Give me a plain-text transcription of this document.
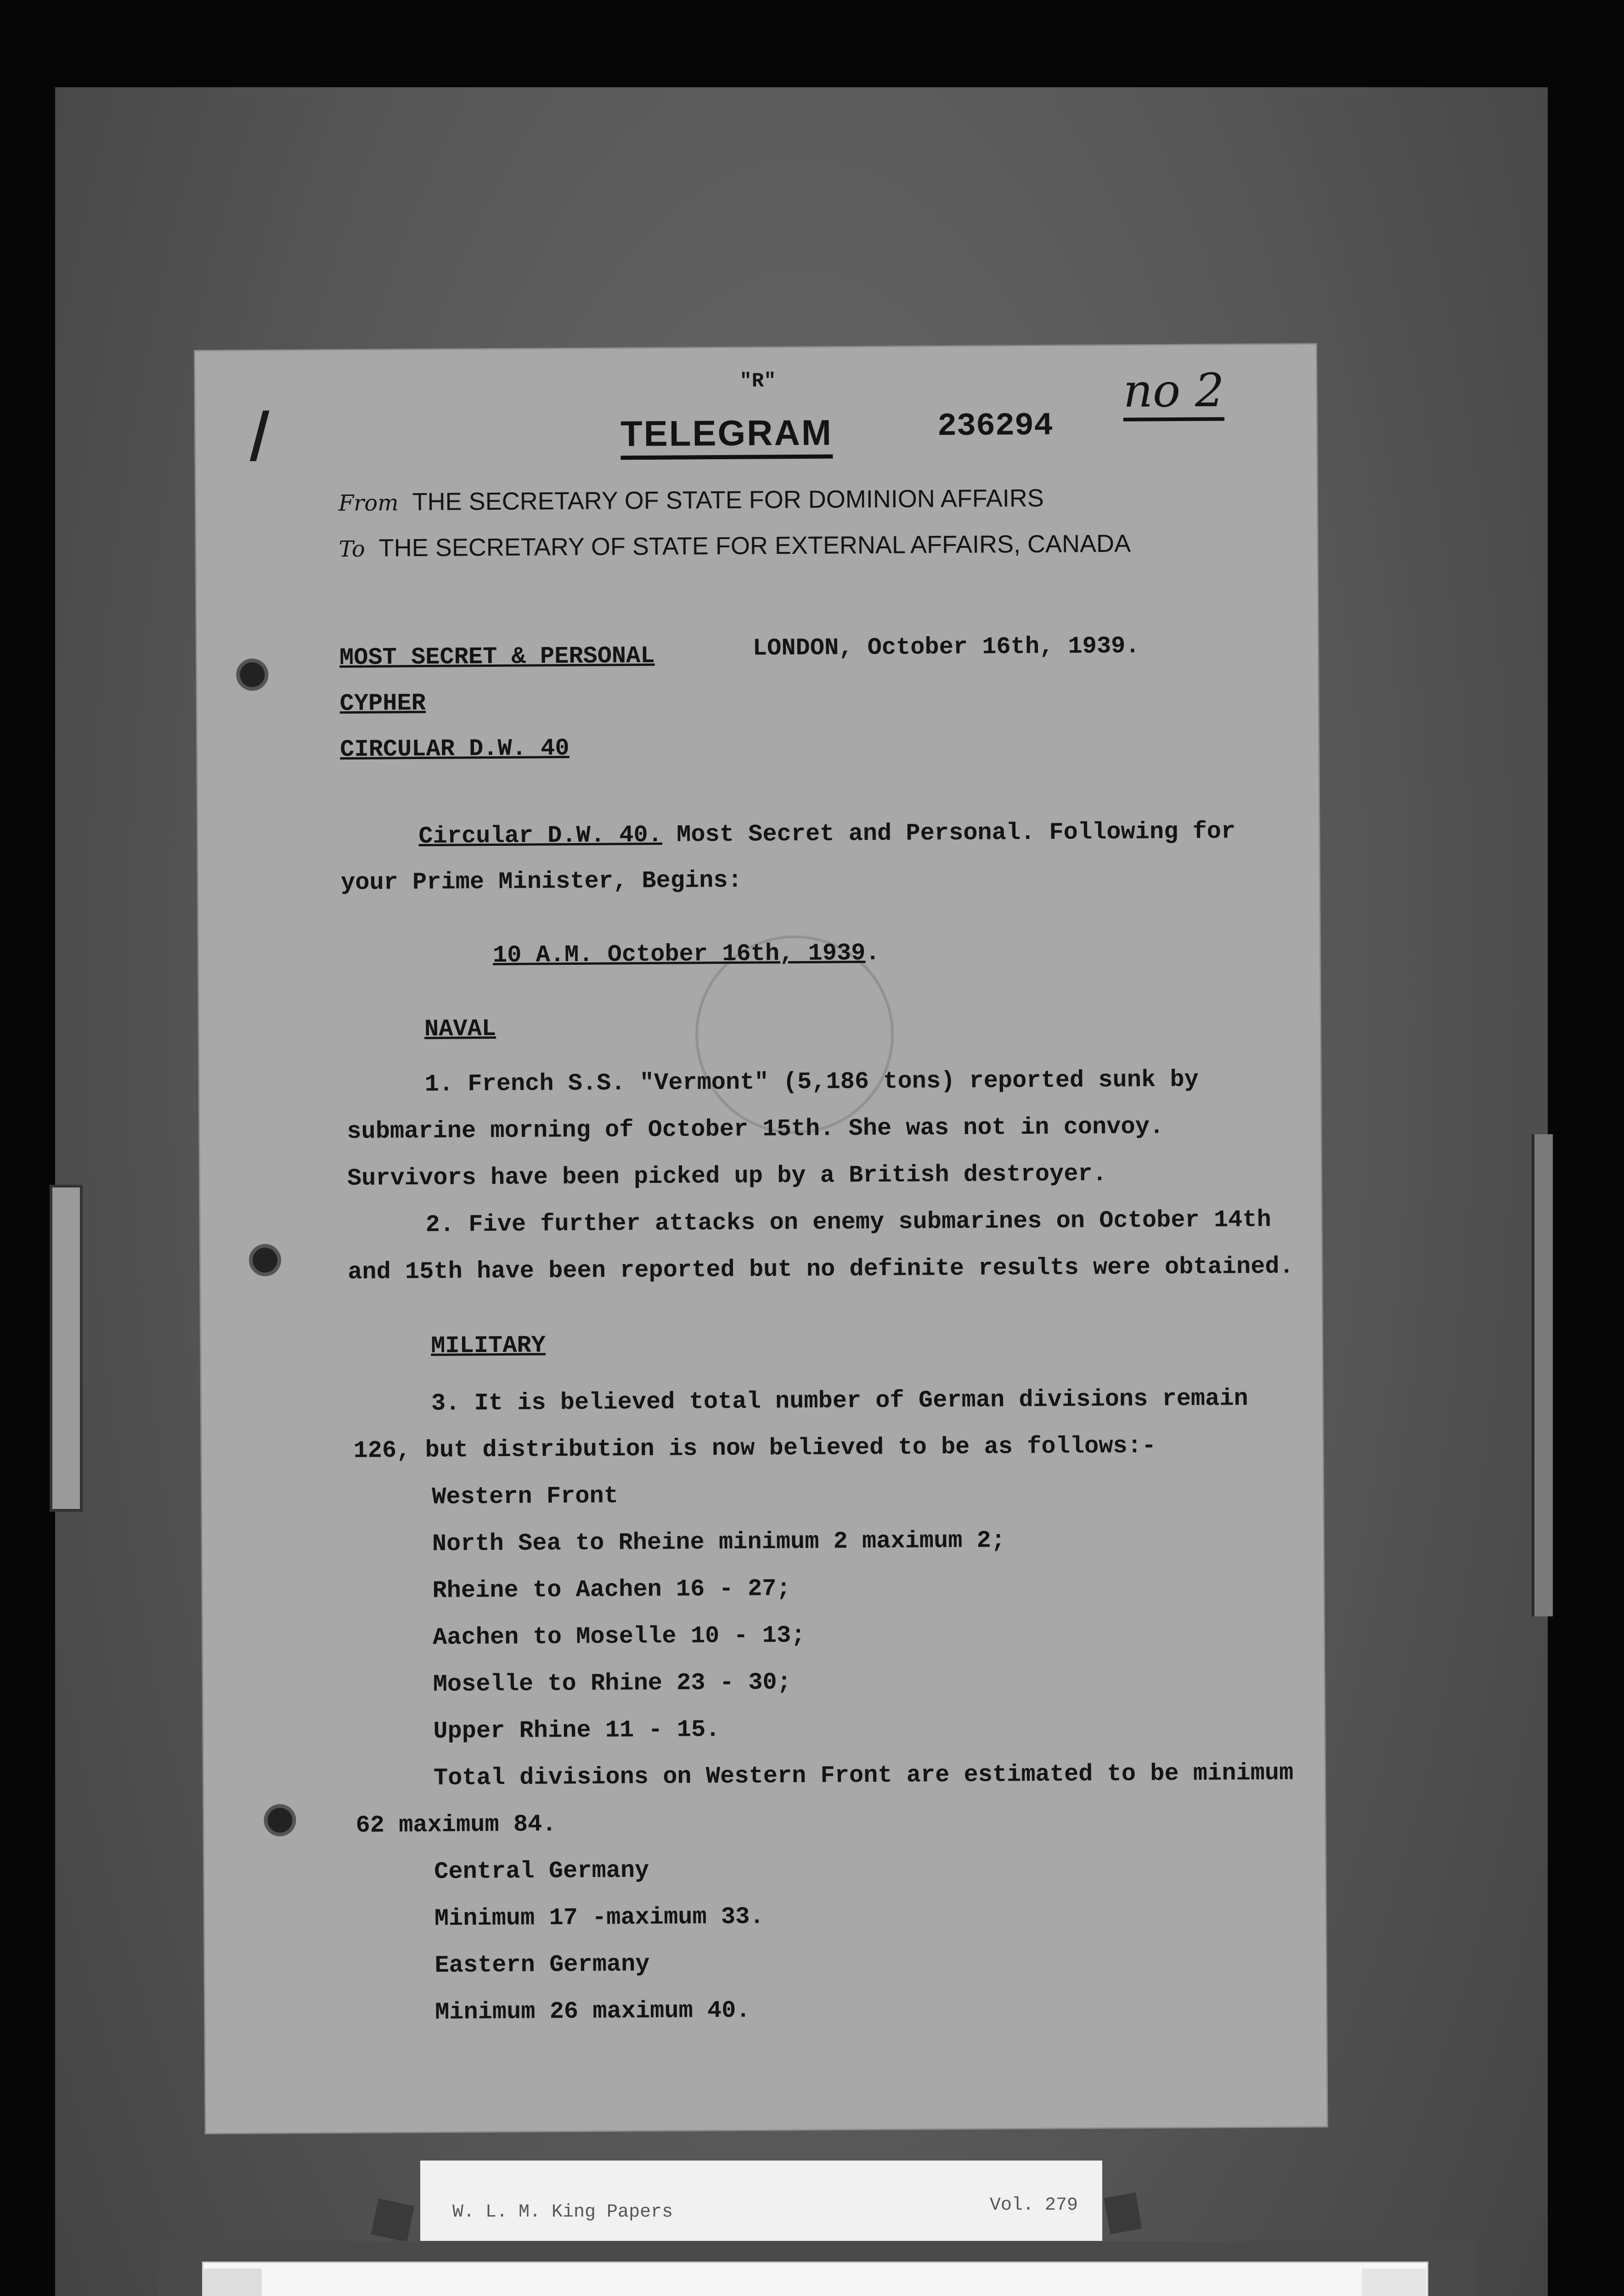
"R"
TELEGRAM	236294
no 2
From THE SECRETARY OF STATE FOR DOMINION AFFAIRS
To THE SECRETARY OF STATE FOR EXTERNAL AFFAIRS, CANADA
MOST SECRET & PERSONAL	LONDON, October 16th, 1939.
CYPHER
CIRCULAR D.W. 40
Circular D.W. 40. Most Secret and Personal. Following for
your Prime Minister, Begins:
10 A.M. October 16th, 1939.
NAVAL
1. French S.S. "Vermont" (5,186 tons) reported sunk by
submarine morning of October 15th. She was not in convoy.
Survivors have been picked up by a British destroyer.
2. Five further attacks on enemy submarines on October 14th
and 15th have been reported but no definite results were obtained.
MILITARY
3. It is believed total number of German divisions remain
126, but distribution is now believed to be as follows:-
Western Front
North Sea to Rheine minimum 2 maximum 2;
Rheine to Aachen 16 - 27;
Aachen to Moselle 10 - 13;
Moselle to Rhine 23 - 30;
Upper Rhine 11 - 15.
Total divisions on Western Front are estimated to be minimum
62 maximum 84.
Central Germany
Minimum 17 -maximum 33.
Eastern Germany
Minimum 26 maximum 40.
W. L. M. King Papers	Vol. 279
